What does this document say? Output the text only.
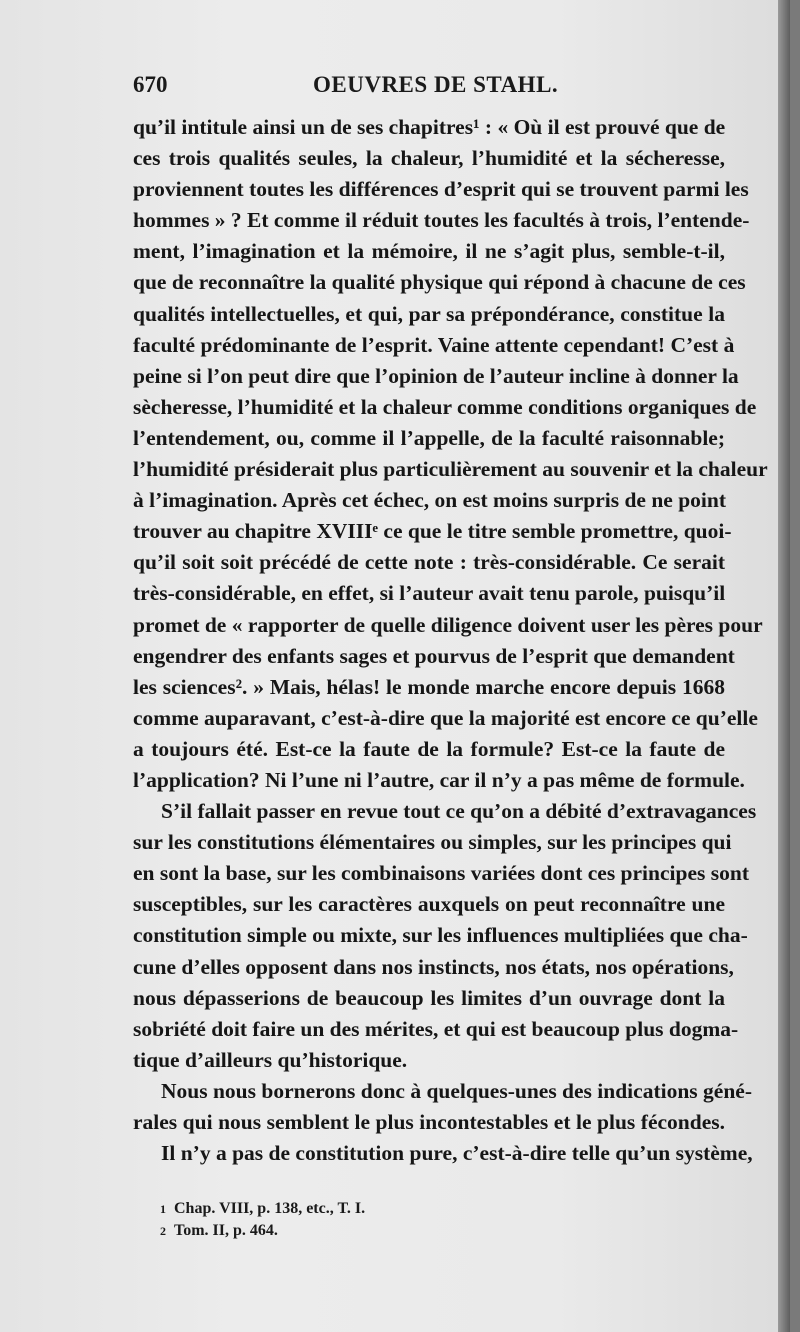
670	OEUVRES DE STAHL.
qu’il intitule ainsi un de ses chapitres¹ : « Où il est prouvé que de
ces trois qualités seules, la chaleur, l’humidité et la sécheresse,
proviennent toutes les différences d’esprit qui se trouvent parmi les
hommes » ? Et comme il réduit toutes les facultés à trois, l’entende-
ment, l’imagination et la mémoire, il ne s’agit plus, semble-t-il,
que de reconnaître la qualité physique qui répond à chacune de ces
qualités intellectuelles, et qui, par sa prépondérance, constitue la
faculté prédominante de l’esprit. Vaine attente cependant! C’est à
peine si l’on peut dire que l’opinion de l’auteur incline à donner la
sècheresse, l’humidité et la chaleur comme conditions organiques de
l’entendement, ou, comme il l’appelle, de la faculté raisonnable;
l’humidité présiderait plus particulièrement au souvenir et la chaleur
à l’imagination. Après cet échec, on est moins surpris de ne point
trouver au chapitre XVIIIᵉ ce que le titre semble promettre, quoi-
qu’il soit soit précédé de cette note : très-considérable. Ce serait
très-considérable, en effet, si l’auteur avait tenu parole, puisqu’il
promet de « rapporter de quelle diligence doivent user les pères pour
engendrer des enfants sages et pourvus de l’esprit que demandent
les sciences². » Mais, hélas! le monde marche encore depuis 1668
comme auparavant, c’est-à-dire que la majorité est encore ce qu’elle
a toujours été. Est-ce la faute de la formule? Est-ce la faute de
l’application? Ni l’une ni l’autre, car il n’y a pas même de formule.
S’il fallait passer en revue tout ce qu’on a débité d’extravagances
sur les constitutions élémentaires ou simples, sur les principes qui
en sont la base, sur les combinaisons variées dont ces principes sont
susceptibles, sur les caractères auxquels on peut reconnaître une
constitution simple ou mixte, sur les influences multipliées que cha-
cune d’elles opposent dans nos instincts, nos états, nos opérations,
nous dépasserions de beaucoup les limites d’un ouvrage dont la
sobriété doit faire un des mérites, et qui est beaucoup plus dogma-
tique d’ailleurs qu’historique.
Nous nous bornerons donc à quelques-unes des indications géné-
rales qui nous semblent le plus incontestables et le plus fécondes.
Il n’y a pas de constitution pure, c’est-à-dire telle qu’un système,
1 Chap. VIII, p. 138, etc., T. I.
2 Tom. II, p. 464.
